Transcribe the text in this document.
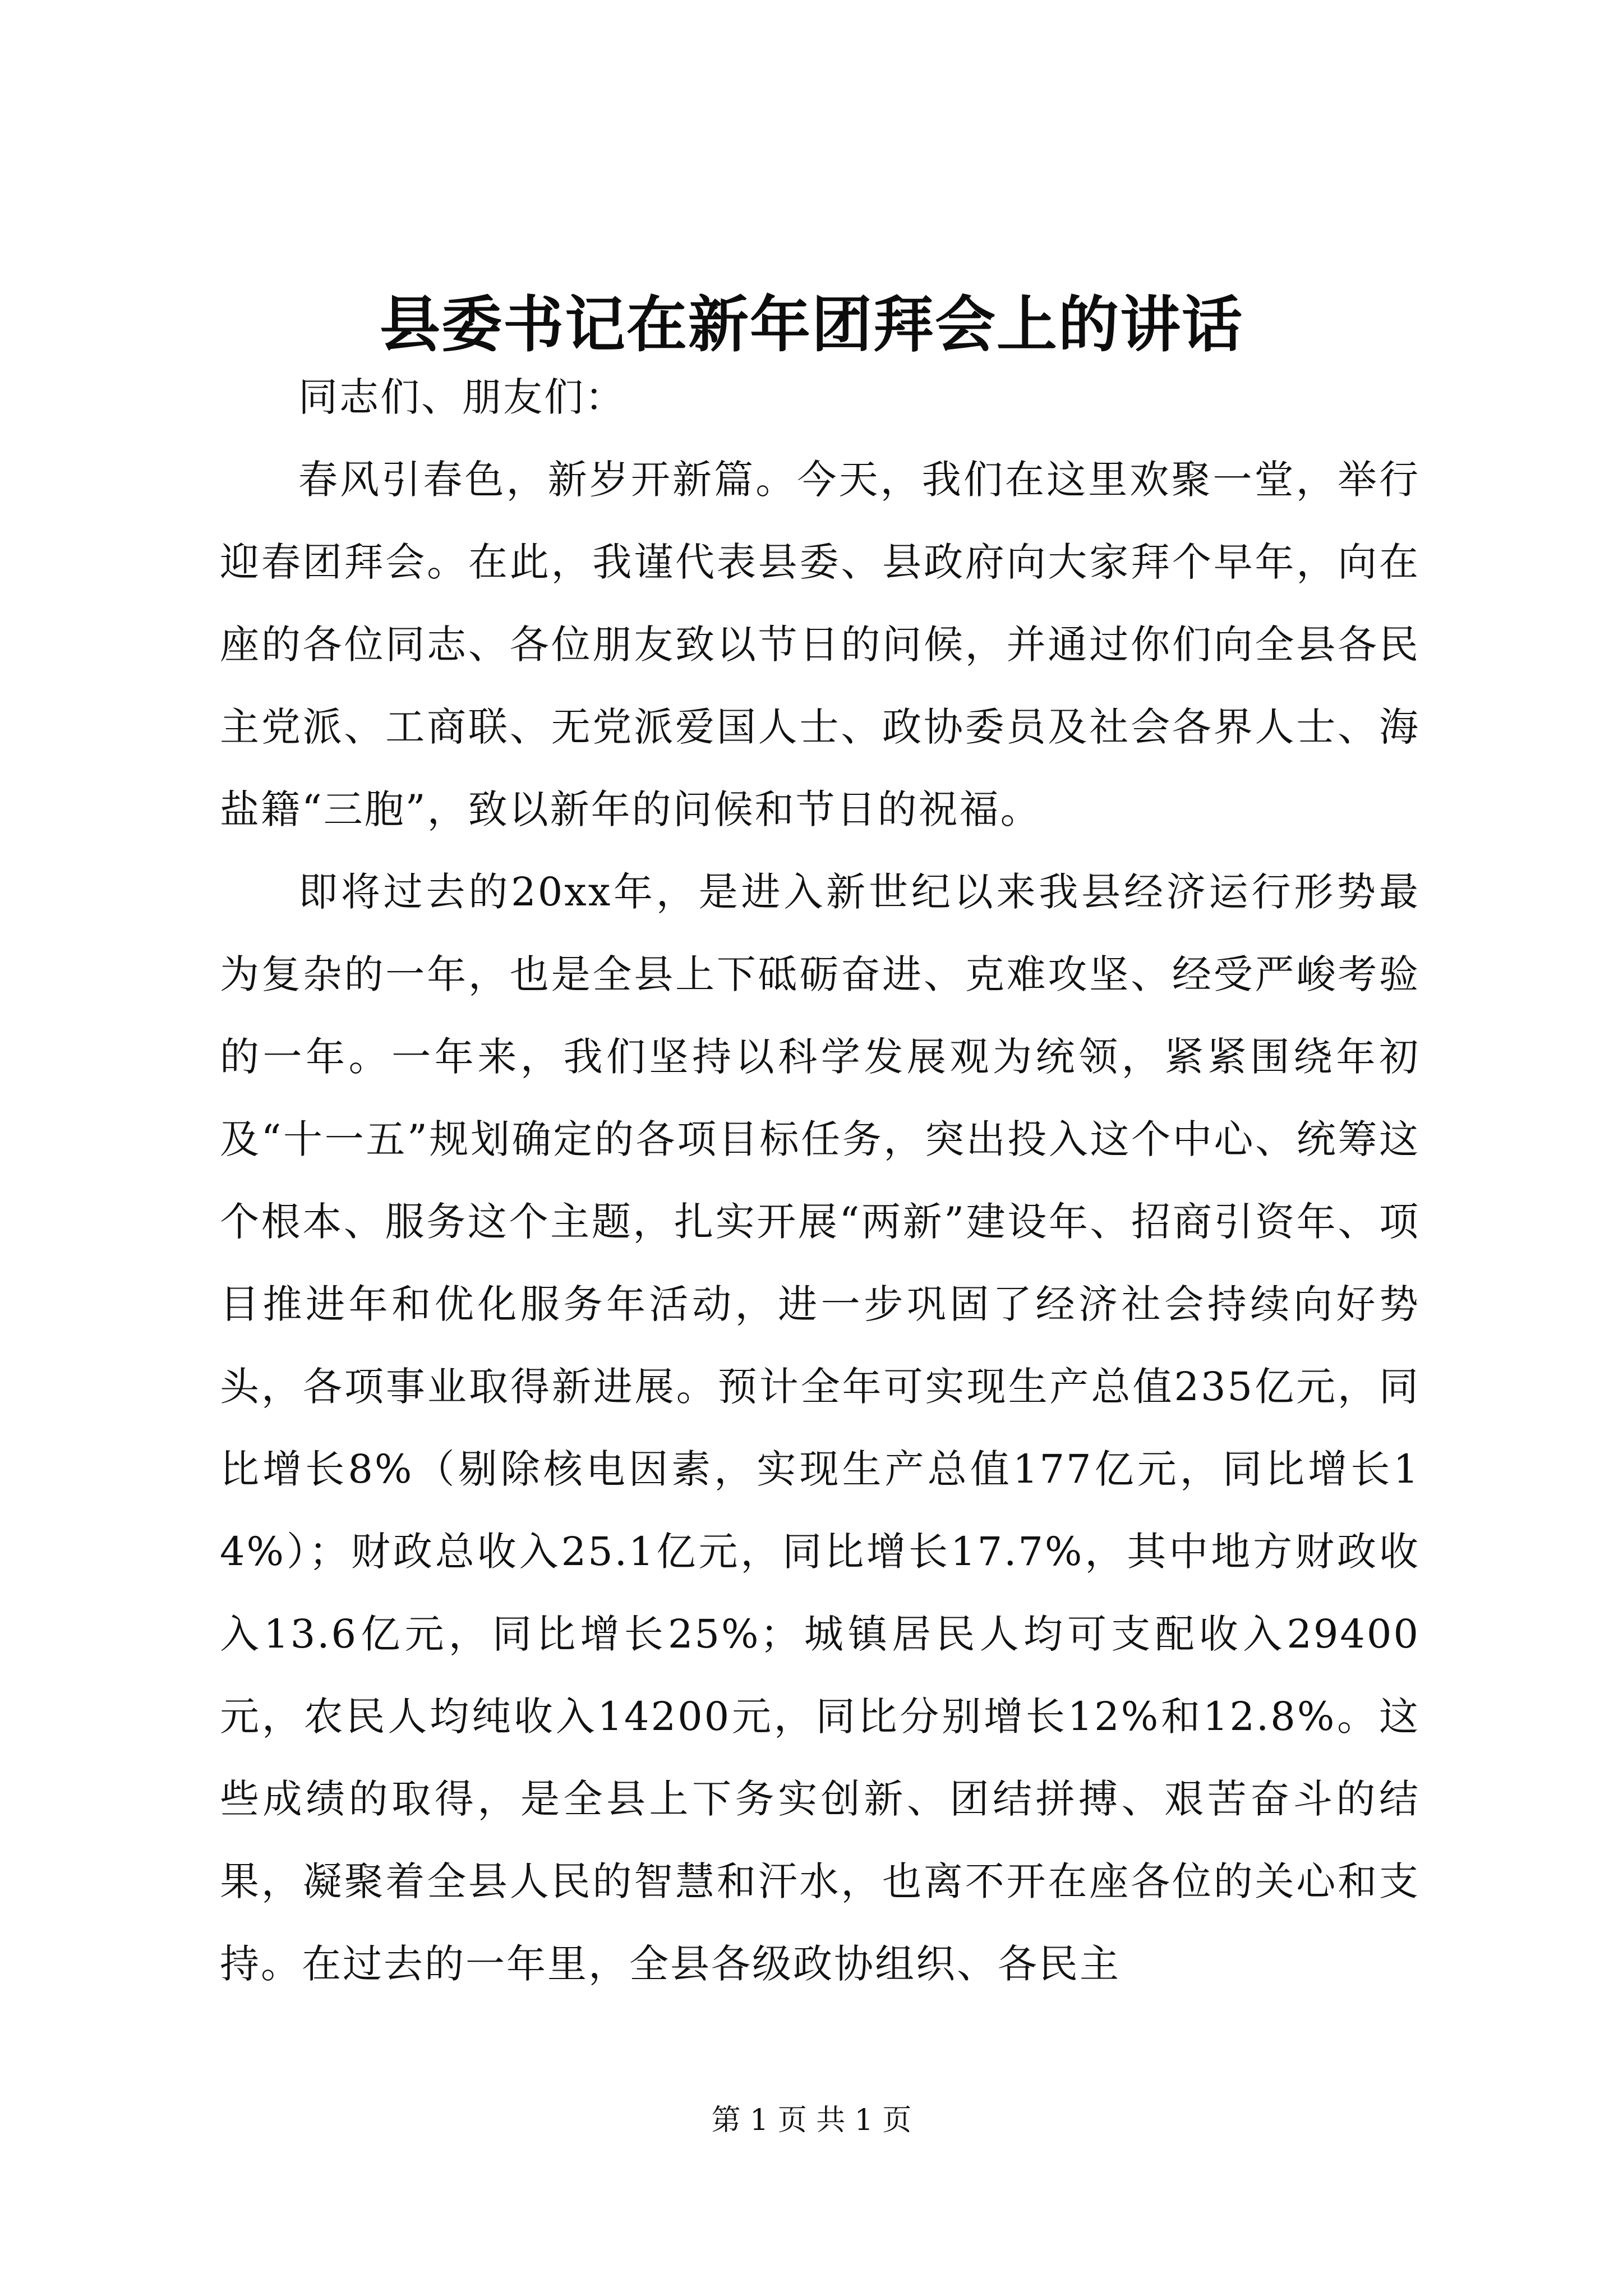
县委书记在新年团拜会上的讲话

同志们、朋友们：

春风引春色，新岁开新篇。今天，我们在这里欢聚一堂，举行迎春团拜会。在此，我谨代表县委、县政府向大家拜个早年，向在座的各位同志、各位朋友致以节日的问候，并通过你们向全县各民主党派、工商联、无党派爱国人士、政协委员及社会各界人士、海盐籍“三胞”，致以新年的问候和节日的祝福。

即将过去的20xx年，是进入新世纪以来我县经济运行形势最为复杂的一年，也是全县上下砥砺奋进、克难攻坚、经受严峻考验的一年。一年来，我们坚持以科学发展观为统领，紧紧围绕年初及“十一五”规划确定的各项目标任务，突出投入这个中心、统筹这个根本、服务这个主题，扎实开展“两新”建设年、招商引资年、项目推进年和优化服务年活动，进一步巩固了经济社会持续向好势头，各项事业取得新进展。预计全年可实现生产总值235亿元，同比增长8%（剔除核电因素，实现生产总值177亿元，同比增长14%）；财政总收入25.1亿元，同比增长17.7%，其中地方财政收入13.6亿元，同比增长25%；城镇居民人均可支配收入29400元，农民人均纯收入14200元，同比分别增长12%和12.8%。这些成绩的取得，是全县上下务实创新、团结拼搏、艰苦奋斗的结果，凝聚着全县人民的智慧和汗水，也离不开在座各位的关心和支持。在过去的一年里，全县各级政协组织、各民主

第 1 页 共 1 页
